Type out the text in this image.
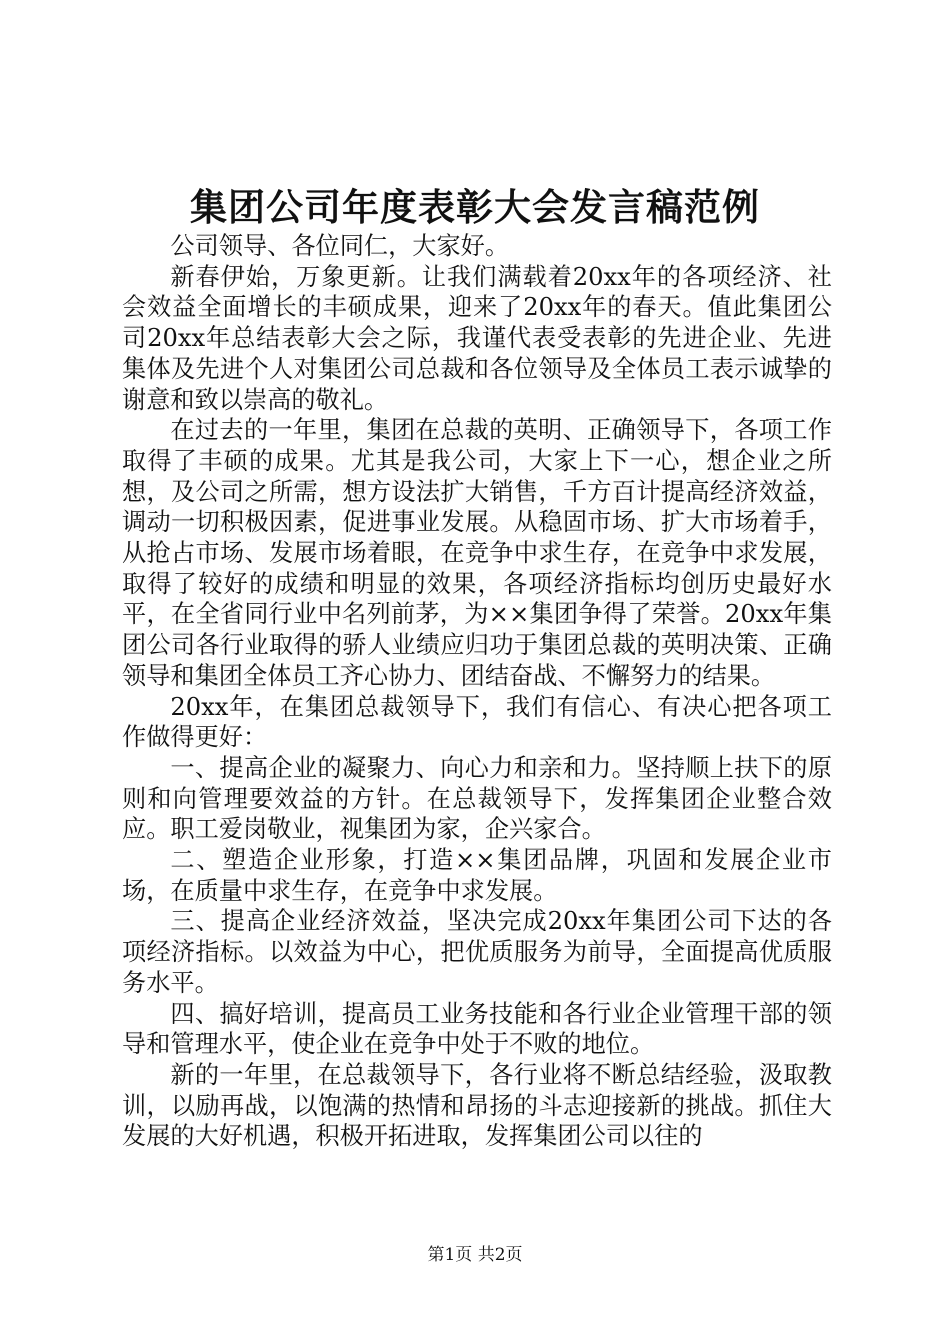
集团公司年度表彰大会发言稿范例

公司领导、各位同仁，大家好。

新春伊始，万象更新。让我们满载着20xx年的各项经济、社会效益全面增长的丰硕成果，迎来了20xx年的春天。值此集团公司20xx年总结表彰大会之际，我谨代表受表彰的先进企业、先进集体及先进个人对集团公司总裁和各位领导及全体员工表示诚挚的谢意和致以崇高的敬礼。

在过去的一年里，集团在总裁的英明、正确领导下，各项工作取得了丰硕的成果。尤其是我公司，大家上下一心，想企业之所想，及公司之所需，想方设法扩大销售，千方百计提高经济效益，调动一切积极因素，促进事业发展。从稳固市场、扩大市场着手，从抢占市场、发展市场着眼，在竞争中求生存，在竞争中求发展，取得了较好的成绩和明显的效果，各项经济指标均创历史最好水平，在全省同行业中名列前茅，为××集团争得了荣誉。20xx年集团公司各行业取得的骄人业绩应归功于集团总裁的英明决策、正确领导和集团全体员工齐心协力、团结奋战、不懈努力的结果。

20xx年，在集团总裁领导下，我们有信心、有决心把各项工作做得更好：

一、提高企业的凝聚力、向心力和亲和力。坚持顺上扶下的原则和向管理要效益的方针。在总裁领导下，发挥集团企业整合效应。职工爱岗敬业，视集团为家，企兴家合。

二、塑造企业形象，打造××集团品牌，巩固和发展企业市场，在质量中求生存，在竞争中求发展。

三、提高企业经济效益，坚决完成20xx年集团公司下达的各项经济指标。以效益为中心，把优质服务为前导，全面提高优质服务水平。

四、搞好培训，提高员工业务技能和各行业企业管理干部的领导和管理水平，使企业在竞争中处于不败的地位。

新的一年里，在总裁领导下，各行业将不断总结经验，汲取教训，以励再战，以饱满的热情和昂扬的斗志迎接新的挑战。抓住大发展的大好机遇，积极开拓进取，发挥集团公司以往的

第1页 共2页
